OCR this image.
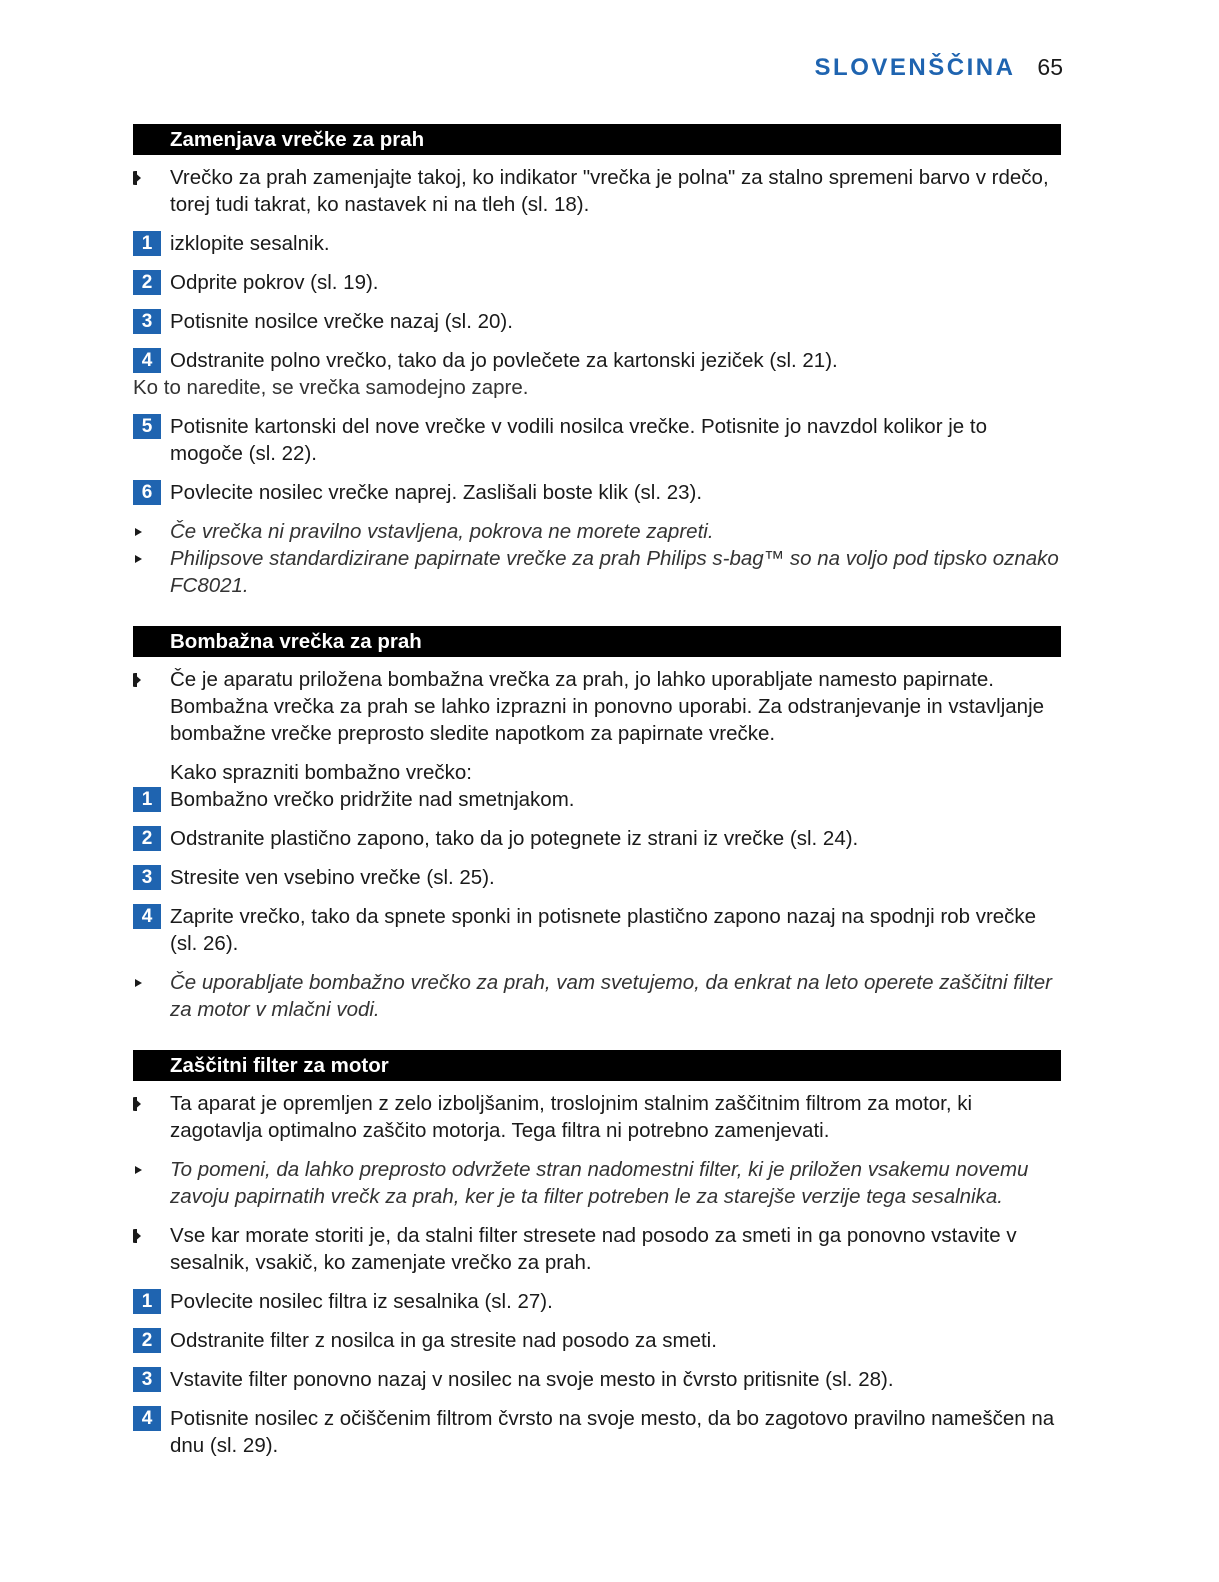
SLOVENŠČINA 65
Zamenjava vrečke za prah
Vrečko za prah zamenjajte takoj, ko indikator "vrečka je polna" za stalno spremeni barvo v rdečo, torej tudi takrat, ko nastavek ni na tleh (sl. 18).
1 izklopite sesalnik.
2 Odprite pokrov (sl. 19).
3 Potisnite nosilce vrečke nazaj (sl. 20).
4 Odstranite polno vrečko, tako da jo povlečete za kartonski jeziček (sl. 21).
Ko to naredite, se vrečka samodejno zapre.
5 Potisnite kartonski del nove vrečke v vodili nosilca vrečke. Potisnite jo navzdol kolikor je to mogoče (sl. 22).
6 Povlecite nosilec vrečke naprej. Zaslišali boste klik (sl. 23).
Če vrečka ni pravilno vstavljena, pokrova ne morete zapreti.
Philipsove standardizirane papirnate vrečke za prah Philips s-bag™ so na voljo pod tipsko oznako FC8021.
Bombažna vrečka za prah
Če je aparatu priložena bombažna vrečka za prah, jo lahko uporabljate namesto papirnate. Bombažna vrečka za prah se lahko izprazni in ponovno uporabi. Za odstranjevanje in vstavljanje bombažne vrečke preprosto sledite napotkom za papirnate vrečke.
Kako sprazniti bombažno vrečko:
1 Bombažno vrečko pridržite nad smetnjakom.
2 Odstranite plastično zapono, tako da jo potegnete iz strani iz vrečke (sl. 24).
3 Stresite ven vsebino vrečke (sl. 25).
4 Zaprite vrečko, tako da spnete sponki in potisnete plastično zapono nazaj na spodnji rob vrečke (sl. 26).
Če uporabljate bombažno vrečko za prah, vam svetujemo, da enkrat na leto operete zaščitni filter za motor v mlačni vodi.
Zaščitni filter za motor
Ta aparat je opremljen z zelo izboljšanim, troslojnim stalnim zaščitnim filtrom za motor, ki zagotavlja optimalno zaščito motorja. Tega filtra ni potrebno zamenjevati.
To pomeni, da lahko preprosto odvržete stran nadomestni filter, ki je priložen vsakemu novemu zavoju papirnatih vrečk za prah, ker je ta filter potreben le za starejše verzije tega sesalnika.
Vse kar morate storiti je, da stalni filter stresete nad posodo za smeti in ga ponovno vstavite v sesalnik, vsakič, ko zamenjate vrečko za prah.
1 Povlecite nosilec filtra iz sesalnika (sl. 27).
2 Odstranite filter z nosilca in ga stresite nad posodo za smeti.
3 Vstavite filter ponovno nazaj v nosilec na svoje mesto in čvrsto pritisnite (sl. 28).
4 Potisnite nosilec z očiščenim filtrom čvrsto na svoje mesto, da bo zagotovo pravilno nameščen na dnu (sl. 29).
